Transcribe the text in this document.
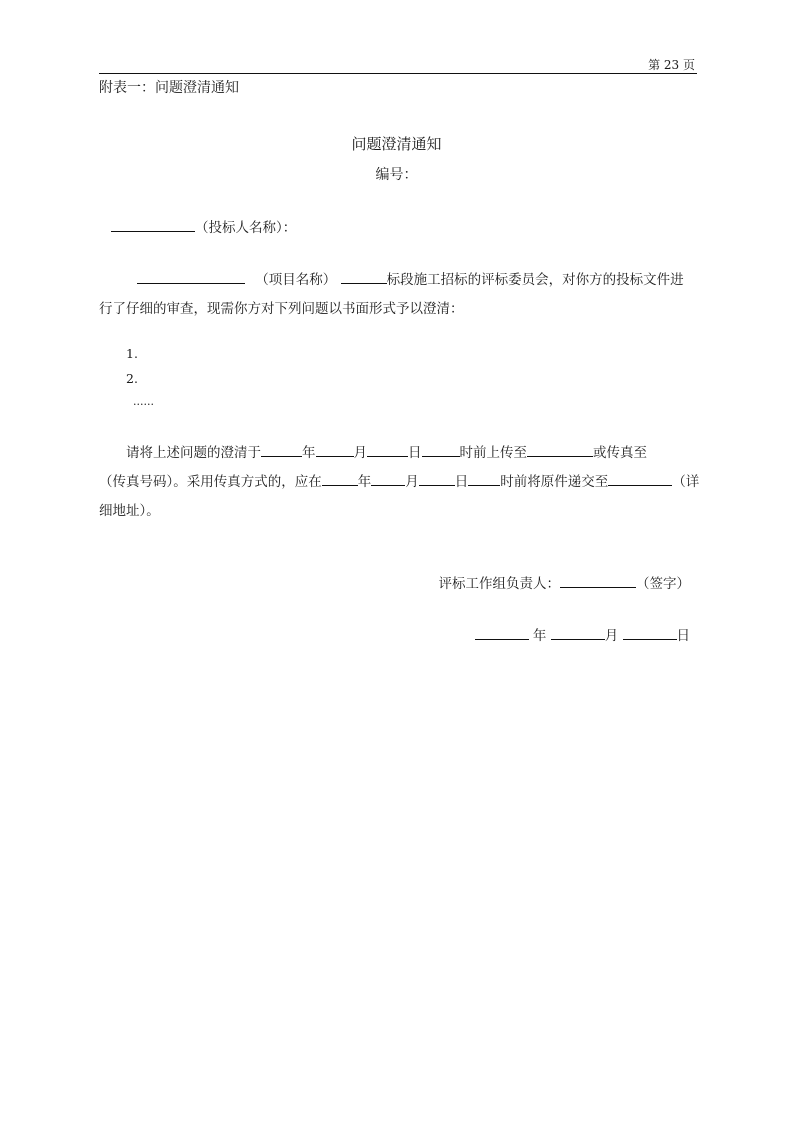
第 23 页
附表一：问题澄清通知
问题澄清通知
编号：
（投标人名称）：
（项目名称）	标段施工招标的评标委员会，对你方的投标文件进
行了仔细的审查，现需你方对下列问题以书面形式予以澄清：
1.
2.
......
请将上述问题的澄清于	年	月	日	时前上传至	或传真至
（传真号码）。采用传真方式的，应在	年	月	日 时前将原件递交至	（详
细地址）。
评标工作组负责人：	（签字）
年	月	日
